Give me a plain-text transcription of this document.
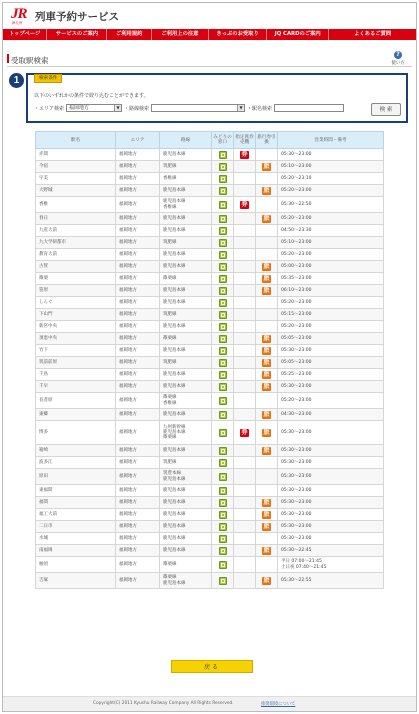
JR
JR九州 列車予約サービス
トップページ	サービスのご案内	ご利用規約	ご利用上の注意	きっぷのお受取り	JQ CARDのご案内	よくあるご質問
受取駅検索
?
使い方
1	検索条件
以下のいずれかの条件で絞り込むことができます。
・エリア検索	福岡地方	▼ ・路線検索	▼ ・駅名検索	検 索
駅名	エリア	路線	みどりの窓口	指定席券売機	旅行券引換	営業時間・備考
赤間	福岡地方	鹿児島本線		券		05:30～23:00

今宿	福岡地方	筑肥線			旅	05:10～23:00

宇美	福岡地方	香椎線				05:20～23:10

大野城	福岡地方	鹿児島本線			旅	05:20～23:00

香椎	福岡地方	鹿児島本線
香椎線		券		05:30～22:50

春日	福岡地方	鹿児島本線			旅	05:20～23:00

九産大前	福岡地方	鹿児島本線				04:50～23:30

九大学研都市	福岡地方	筑肥線				05:10～23:00

教育大前	福岡地方	鹿児島本線				05:20～23:00

古賀	福岡地方	鹿児島本線			旅	05:00～23:00

篠栗	福岡地方	篠栗線			旅	05:35～23:00

笹原	福岡地方	鹿児島本線			旅	06:10～23:00

しんぐ	福岡地方	鹿児島本線				05:20～23:00

下山門	福岡地方	筑肥線				05:15～23:00

新宮中央	福岡地方	鹿児島本線				05:20～23:00

須恵中央	福岡地方	篠栗線			旅	05:05～23:00

竹下	福岡地方	鹿児島本線			旅	05:30～23:00

筑前前原	福岡地方	筑肥線			旅	05:05～23:00

千鳥	福岡地方	鹿児島本線			旅	05:25～23:00

千早	福岡地方	鹿児島本線			旅	05:30～23:00

長者原	福岡地方	篠栗線
香椎線				05:20～23:00

東郷	福岡地方	鹿児島本線			旅	04:30～23:00

博多	福岡地方	九州新幹線
鹿児島本線
篠栗線		券	旅	05:30～23:00

箱崎	福岡地方	鹿児島本線			旅	05:30～23:00

波多江	福岡地方	筑肥線				05:30～23:00

原田	福岡地方	筑豊本線
鹿児島本線				05:30～23:00

東福間	福岡地方	鹿児島本線				05:30～23:00

福間	福岡地方	鹿児島本線			旅	05:30～23:00

福工大前	福岡地方	鹿児島本線			旅	05:30～23:00

二日市	福岡地方	鹿児島本線			旅	05:30～23:00

水城	福岡地方	鹿児島本線				05:30～23:00

南福岡	福岡地方	鹿児島本線			旅	05:30～22:45

柚須	福岡地方	篠栗線				平日 07:00～21:45
土日祝 07:40～21:45

吉塚	福岡地方	篠栗線
鹿児島本線			旅	05:30～22:55
戻る
Copyright(C) 2011 Kyushu Railway Company All Rights Reserved.	推奨環境について
